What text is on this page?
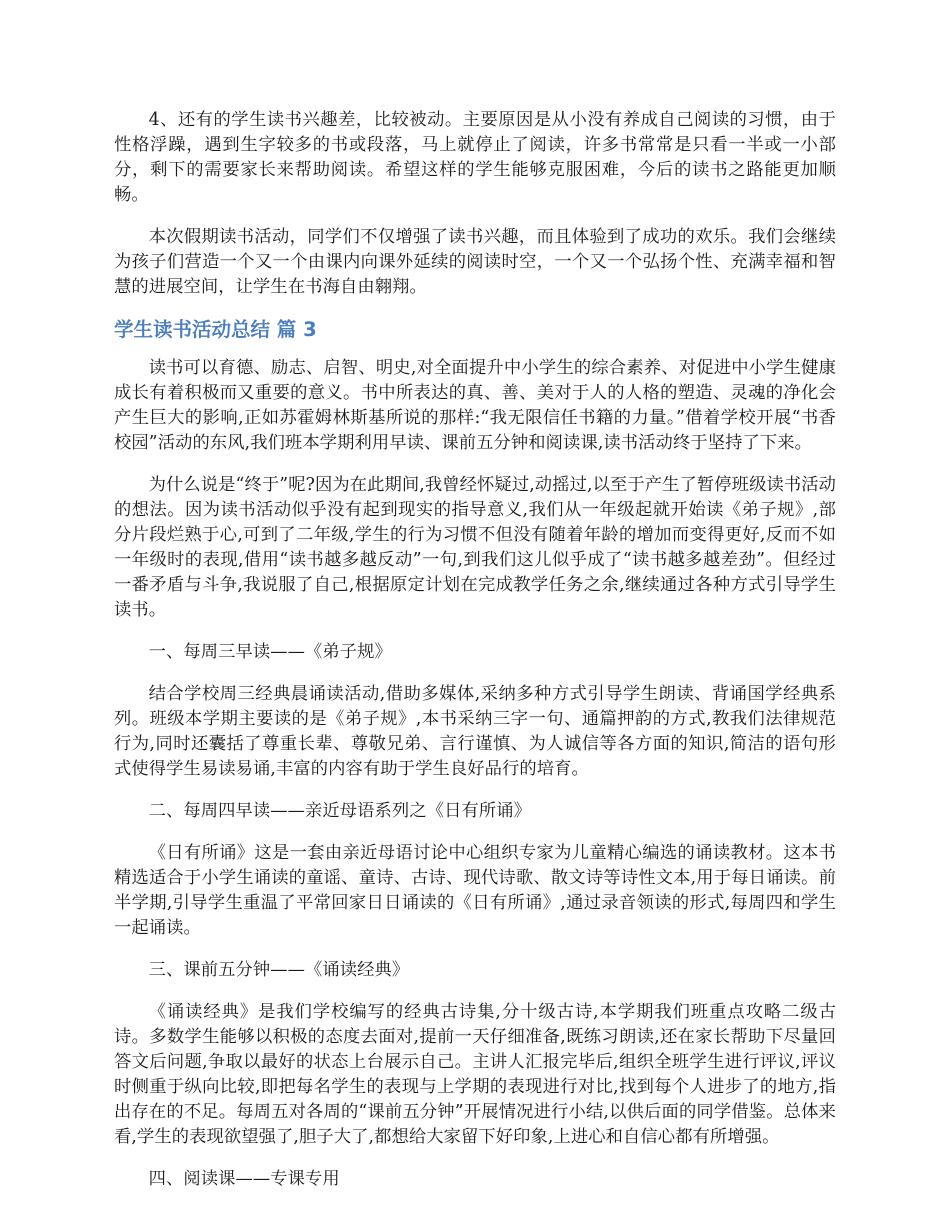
4、还有的学生读书兴趣差，比较被动。主要原因是从小没有养成自己阅读的习惯，由于性格浮躁，遇到生字较多的书或段落，马上就停止了阅读，许多书常常是只看一半或一小部分，剩下的需要家长来帮助阅读。希望这样的学生能够克服困难，今后的读书之路能更加顺畅。

本次假期读书活动，同学们不仅增强了读书兴趣，而且体验到了成功的欢乐。我们会继续为孩子们营造一个又一个由课内向课外延续的阅读时空，一个又一个弘扬个性、充满幸福和智慧的进展空间，让学生在书海自由翱翔。

学生读书活动总结 篇 3

读书可以育德、励志、启智、明史,对全面提升中小学生的综合素养、对促进中小学生健康成长有着积极而又重要的意义。书中所表达的真、善、美对于人的人格的塑造、灵魂的净化会产生巨大的影响,正如苏霍姆林斯基所说的那样:“我无限信任书籍的力量。”借着学校开展“书香校园”活动的东风,我们班本学期利用早读、课前五分钟和阅读课,读书活动终于坚持了下来。

为什么说是“终于”呢?因为在此期间,我曾经怀疑过,动摇过,以至于产生了暂停班级读书活动的想法。因为读书活动似乎没有起到现实的指导意义,我们从一年级起就开始读《弟子规》,部分片段烂熟于心,可到了二年级,学生的行为习惯不但没有随着年龄的增加而变得更好,反而不如一年级时的表现,借用“读书越多越反动”一句,到我们这儿似乎成了“读书越多越差劲”。但经过一番矛盾与斗争,我说服了自己,根据原定计划在完成教学任务之余,继续通过各种方式引导学生读书。

一、每周三早读——《弟子规》

结合学校周三经典晨诵读活动,借助多媒体,采纳多种方式引导学生朗读、背诵国学经典系列。班级本学期主要读的是《弟子规》,本书采纳三字一句、通篇押韵的方式,教我们法律规范行为,同时还囊括了尊重长辈、尊敬兄弟、言行谨慎、为人诚信等各方面的知识,简洁的语句形式使得学生易读易诵,丰富的内容有助于学生良好品行的培育。

二、每周四早读——亲近母语系列之《日有所诵》

《日有所诵》这是一套由亲近母语讨论中心组织专家为儿童精心编选的诵读教材。这本书精选适合于小学生诵读的童谣、童诗、古诗、现代诗歌、散文诗等诗性文本,用于每日诵读。前半学期,引导学生重温了平常回家日日诵读的《日有所诵》,通过录音领读的形式,每周四和学生一起诵读。

三、课前五分钟——《诵读经典》

《诵读经典》是我们学校编写的经典古诗集,分十级古诗,本学期我们班重点攻略二级古诗。多数学生能够以积极的态度去面对,提前一天仔细准备,既练习朗读,还在家长帮助下尽量回答文后问题,争取以最好的状态上台展示自己。主讲人汇报完毕后,组织全班学生进行评议,评议时侧重于纵向比较,即把每名学生的表现与上学期的表现进行对比,找到每个人进步了的地方,指出存在的不足。每周五对各周的“课前五分钟”开展情况进行小结,以供后面的同学借鉴。总体来看,学生的表现欲望强了,胆子大了,都想给大家留下好印象,上进心和自信心都有所增强。

四、阅读课——专课专用
